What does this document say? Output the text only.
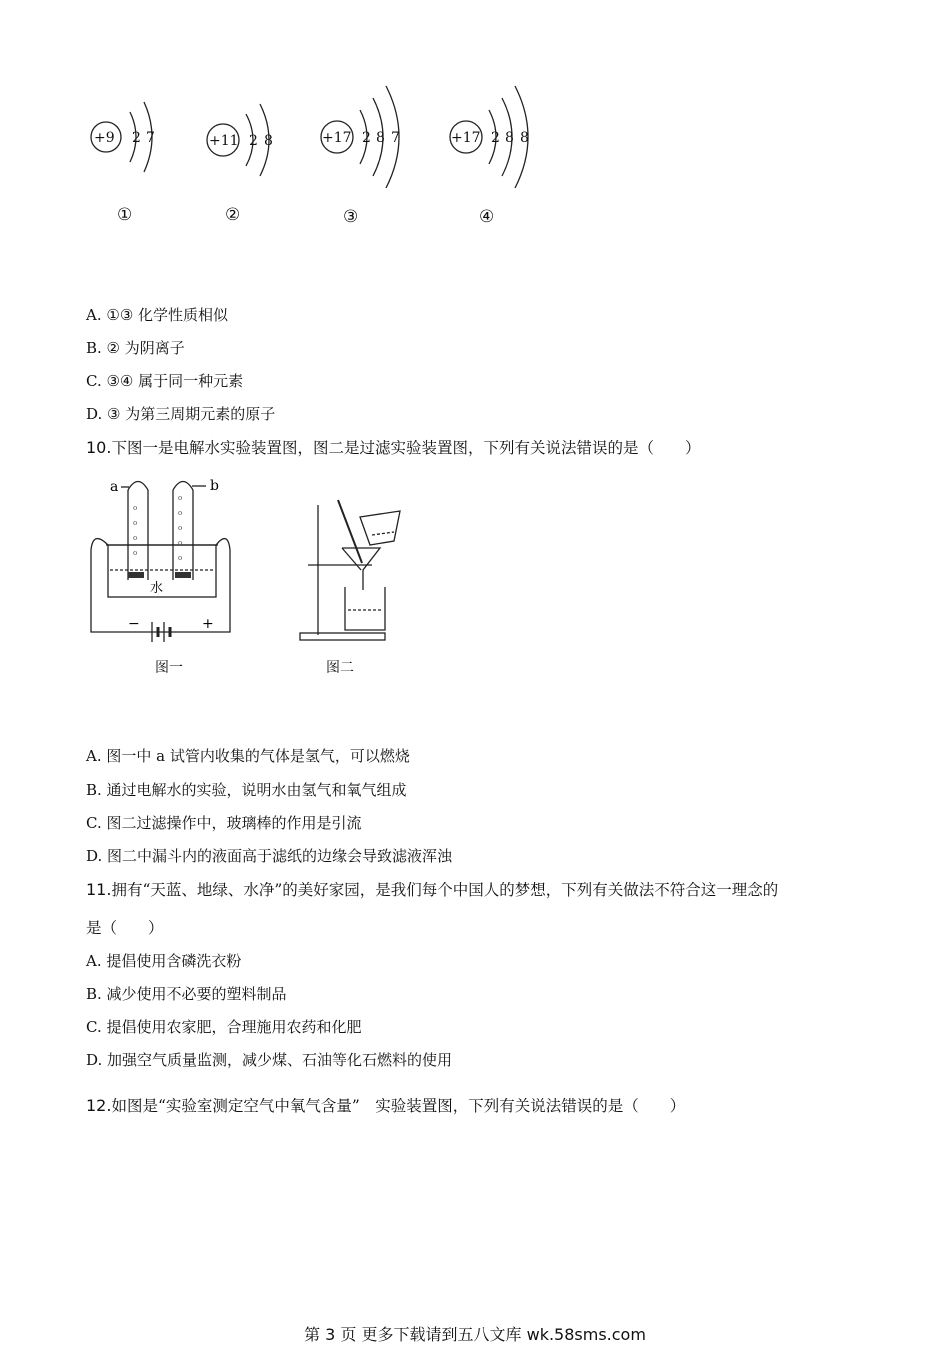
+9 2 7	+11 2 8	+17 2 8 7	+17 2 8 8
①	②	③	④
A. ①③ 化学性质相似
B. ② 为阴离子
C. ③④ 属于同一种元素
D. ③ 为第三周期元素的原子
10.下图一是电解水实验装置图，图二是过滤实验装置图，下列有关说法错误的是（　　）
o
o
o
o
o
o
o
o
o
a	b
水
−	+
图一	图二
A. 图一中 a 试管内收集的气体是氢气，可以燃烧
B. 通过电解水的实验，说明水由氢气和氧气组成
C. 图二过滤操作中，玻璃棒的作用是引流
D. 图二中漏斗内的液面高于滤纸的边缘会导致滤液浑浊
11.拥有“天蓝、地绿、水净”的美好家园，是我们每个中国人的梦想，下列有关做法不符合这一理念的
是（　　）
A. 提倡使用含磷洗衣粉
B. 减少使用不必要的塑料制品
C. 提倡使用农家肥，合理施用农药和化肥
D. 加强空气质量监测，减少煤、石油等化石燃料的使用
12.如图是“实验室测定空气中氧气含量”　实验装置图，下列有关说法错误的是（　　）
第 3 页 更多下载请到五八文库 wk.58sms.com
